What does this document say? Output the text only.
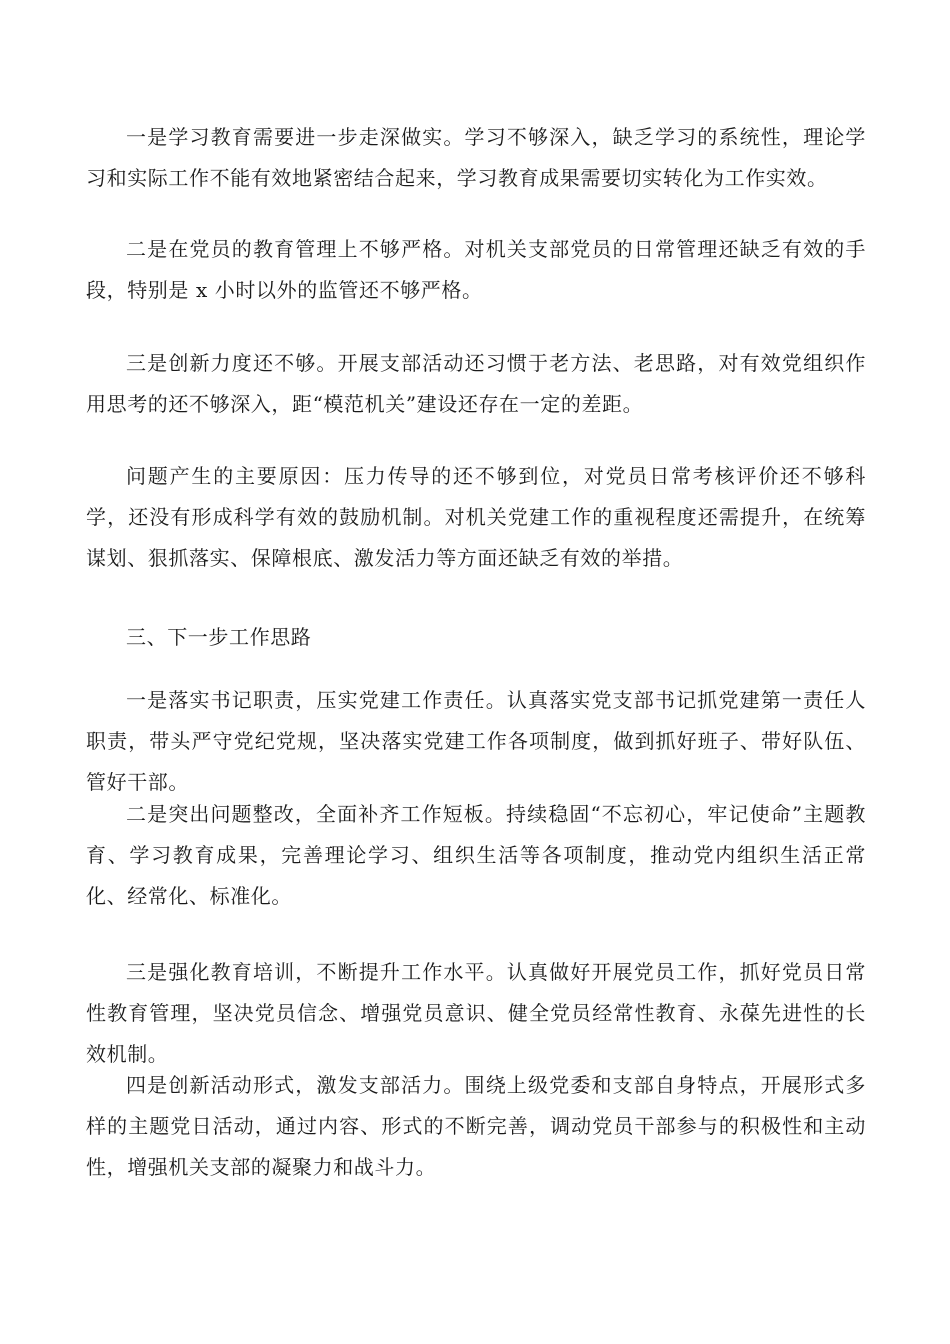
一是学习教育需要进一步走深做实。学习不够深入，缺乏学习的系统性，理论学习和实际工作不能有效地紧密结合起来，学习教育成果需要切实转化为工作实效。

二是在党员的教育管理上不够严格。对机关支部党员的日常管理还缺乏有效的手段，特别是 x 小时以外的监管还不够严格。

三是创新力度还不够。开展支部活动还习惯于老方法、老思路，对有效党组织作用思考的还不够深入，距“模范机关”建设还存在一定的差距。

问题产生的主要原因：压力传导的还不够到位，对党员日常考核评价还不够科学，还没有形成科学有效的鼓励机制。对机关党建工作的重视程度还需提升，在统筹谋划、狠抓落实、保障根底、激发活力等方面还缺乏有效的举措。

三、下一步工作思路

一是落实书记职责，压实党建工作责任。认真落实党支部书记抓党建第一责任人职责，带头严守党纪党规，坚决落实党建工作各项制度，做到抓好班子、带好队伍、管好干部。

二是突出问题整改，全面补齐工作短板。持续稳固“不忘初心，牢记使命”主题教育、学习教育成果，完善理论学习、组织生活等各项制度，推动党内组织生活正常化、经常化、标准化。

三是强化教育培训，不断提升工作水平。认真做好开展党员工作，抓好党员日常性教育管理，坚决党员信念、增强党员意识、健全党员经常性教育、永葆先进性的长效机制。

四是创新活动形式，激发支部活力。围绕上级党委和支部自身特点，开展形式多样的主题党日活动，通过内容、形式的不断完善，调动党员干部参与的积极性和主动性，增强机关支部的凝聚力和战斗力。
